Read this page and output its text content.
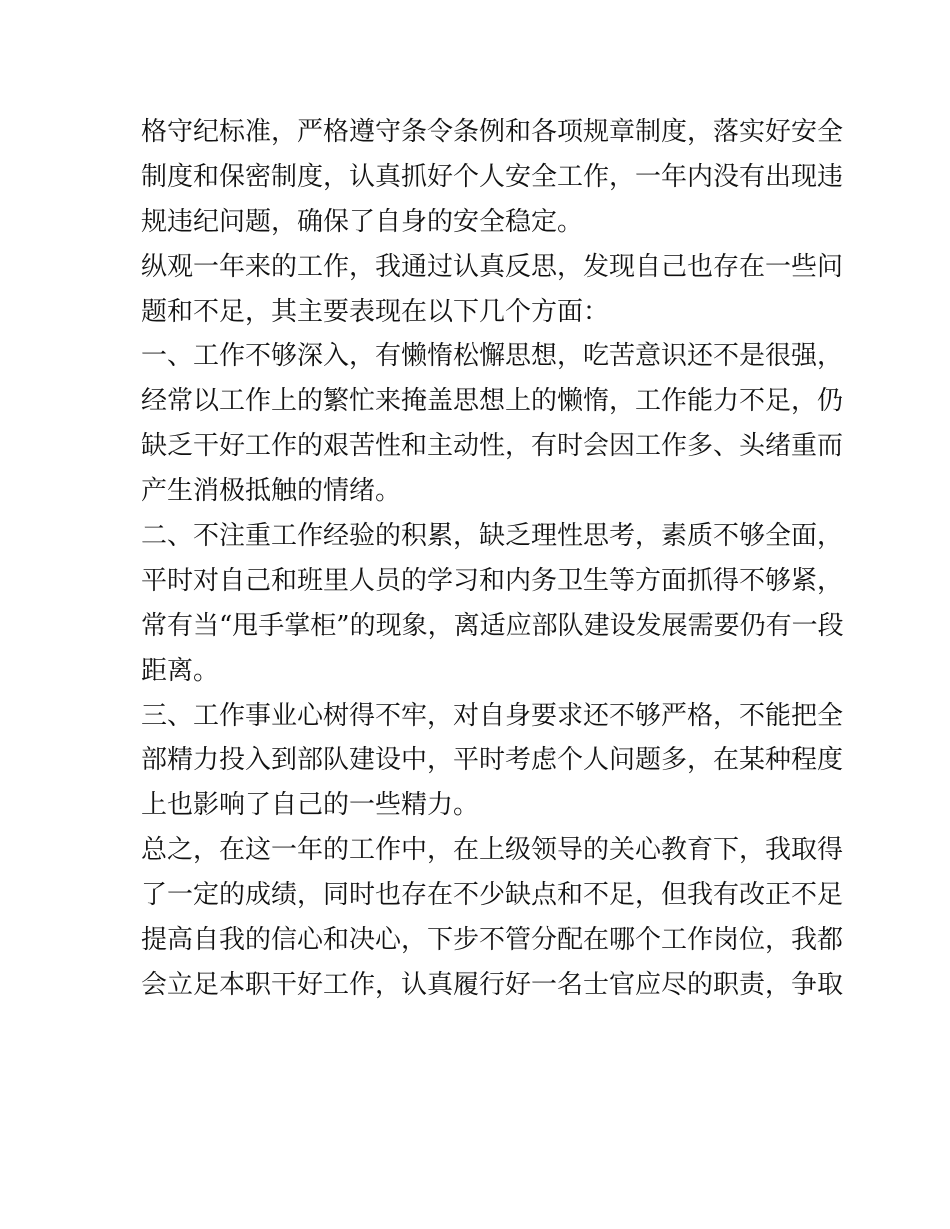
格守纪标准，严格遵守条令条例和各项规章制度，落实好安全
制度和保密制度，认真抓好个人安全工作，一年内没有出现违
规违纪问题，确保了自身的安全稳定。
纵观一年来的工作，我通过认真反思，发现自己也存在一些问
题和不足，其主要表现在以下几个方面：
一、工作不够深入，有懒惰松懈思想，吃苦意识还不是很强，
经常以工作上的繁忙来掩盖思想上的懒惰，工作能力不足，仍
缺乏干好工作的艰苦性和主动性，有时会因工作多、头绪重而
产生消极抵触的情绪。
二、不注重工作经验的积累，缺乏理性思考，素质不够全面，
平时对自己和班里人员的学习和内务卫生等方面抓得不够紧，
常有当“甩手掌柜”的现象，离适应部队建设发展需要仍有一段
距离。
三、工作事业心树得不牢，对自身要求还不够严格，不能把全
部精力投入到部队建设中，平时考虑个人问题多，在某种程度
上也影响了自己的一些精力。
总之，在这一年的工作中，在上级领导的关心教育下，我取得
了一定的成绩，同时也存在不少缺点和不足，但我有改正不足
提高自我的信心和决心，下步不管分配在哪个工作岗位，我都
会立足本职干好工作，认真履行好一名士官应尽的职责，争取
